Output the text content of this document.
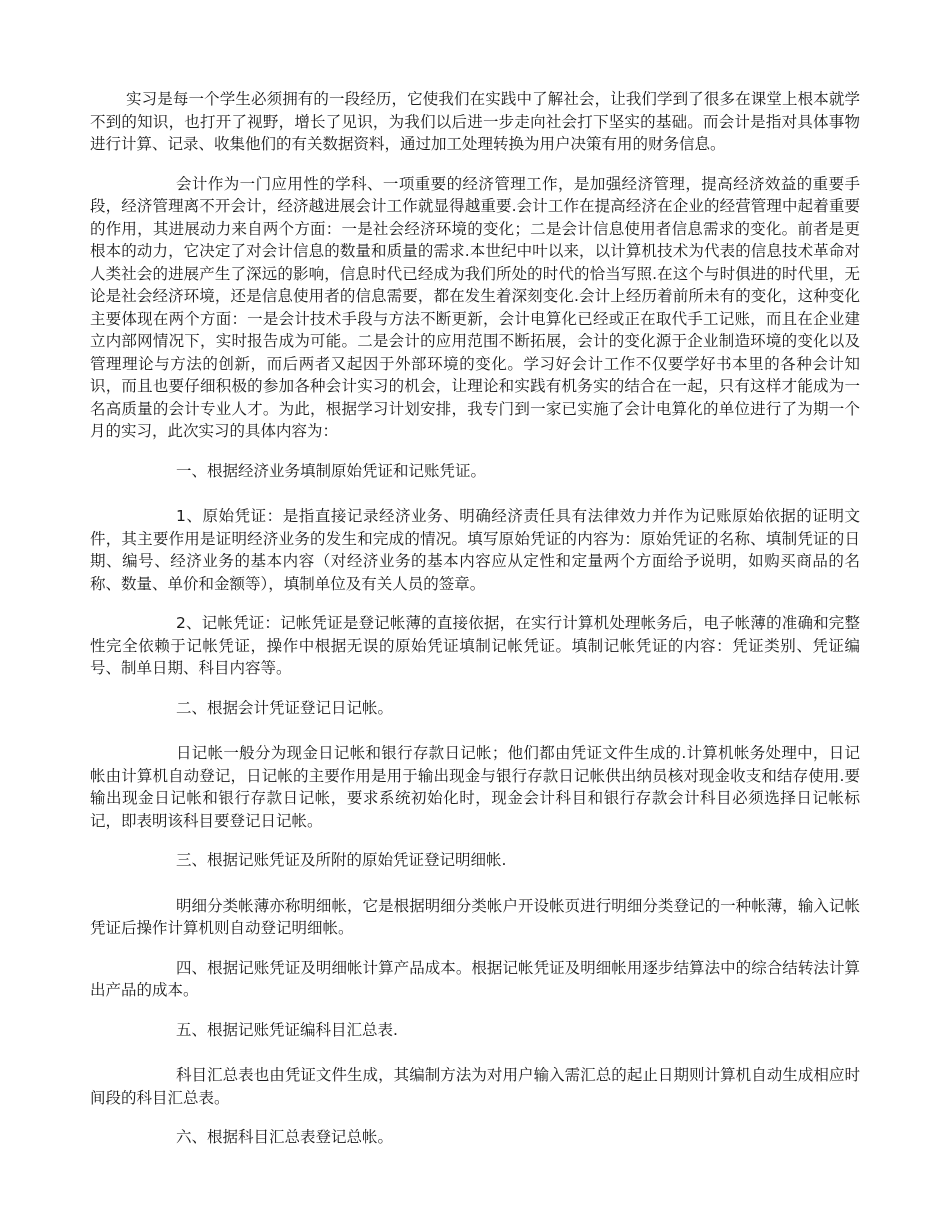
实习是每一个学生必须拥有的一段经历，它使我们在实践中了解社会，让我们学到了很多在课堂上根本就学不到的知识，也打开了视野，增长了见识，为我们以后进一步走向社会打下坚实的基础。而会计是指对具体事物进行计算、记录、收集他们的有关数据资料，通过加工处理转换为用户决策有用的财务信息。

会计作为一门应用性的学科、一项重要的经济管理工作，是加强经济管理，提高经济效益的重要手段，经济管理离不开会计，经济越进展会计工作就显得越重要.会计工作在提高经济在企业的经营管理中起着重要的作用，其进展动力来自两个方面：一是社会经济环境的变化；二是会计信息使用者信息需求的变化。前者是更根本的动力，它决定了对会计信息的数量和质量的需求.本世纪中叶以来，以计算机技术为代表的信息技术革命对人类社会的进展产生了深远的影响，信息时代已经成为我们所处的时代的恰当写照.在这个与时俱进的时代里，无论是社会经济环境，还是信息使用者的信息需要，都在发生着深刻变化.会计上经历着前所未有的变化，这种变化主要体现在两个方面：一是会计技术手段与方法不断更新，会计电算化已经或正在取代手工记账，而且在企业建立内部网情况下，实时报告成为可能。二是会计的应用范围不断拓展，会计的变化源于企业制造环境的变化以及管理理论与方法的创新，而后两者又起因于外部环境的变化。学习好会计工作不仅要学好书本里的各种会计知识，而且也要仔细积极的参加各种会计实习的机会，让理论和实践有机务实的结合在一起，只有这样才能成为一名高质量的会计专业人才。为此，根据学习计划安排，我专门到一家已实施了会计电算化的单位进行了为期一个月的实习，此次实习的具体内容为：

一、根据经济业务填制原始凭证和记账凭证。

1、原始凭证：是指直接记录经济业务、明确经济责任具有法律效力并作为记账原始依据的证明文件，其主要作用是证明经济业务的发生和完成的情况。填写原始凭证的内容为：原始凭证的名称、填制凭证的日期、编号、经济业务的基本内容（对经济业务的基本内容应从定性和定量两个方面给予说明，如购买商品的名称、数量、单价和金额等），填制单位及有关人员的签章。

2、记帐凭证：记帐凭证是登记帐薄的直接依据，在实行计算机处理帐务后，电子帐薄的准确和完整性完全依赖于记帐凭证，操作中根据无误的原始凭证填制记帐凭证。填制记帐凭证的内容：凭证类别、凭证编号、制单日期、科目内容等。

二、根据会计凭证登记日记帐。

日记帐一般分为现金日记帐和银行存款日记帐；他们都由凭证文件生成的.计算机帐务处理中，日记帐由计算机自动登记，日记帐的主要作用是用于输出现金与银行存款日记帐供出纳员核对现金收支和结存使用.要输出现金日记帐和银行存款日记帐，要求系统初始化时，现金会计科目和银行存款会计科目必须选择日记帐标记，即表明该科目要登记日记帐。

三、根据记账凭证及所附的原始凭证登记明细帐.

明细分类帐薄亦称明细帐，它是根据明细分类帐户开设帐页进行明细分类登记的一种帐薄，输入记帐凭证后操作计算机则自动登记明细帐。

四、根据记账凭证及明细帐计算产品成本。根据记帐凭证及明细帐用逐步结算法中的综合结转法计算出产品的成本。

五、根据记账凭证编科目汇总表.

科目汇总表也由凭证文件生成，其编制方法为对用户输入需汇总的起止日期则计算机自动生成相应时间段的科目汇总表。

六、根据科目汇总表登记总帐。
